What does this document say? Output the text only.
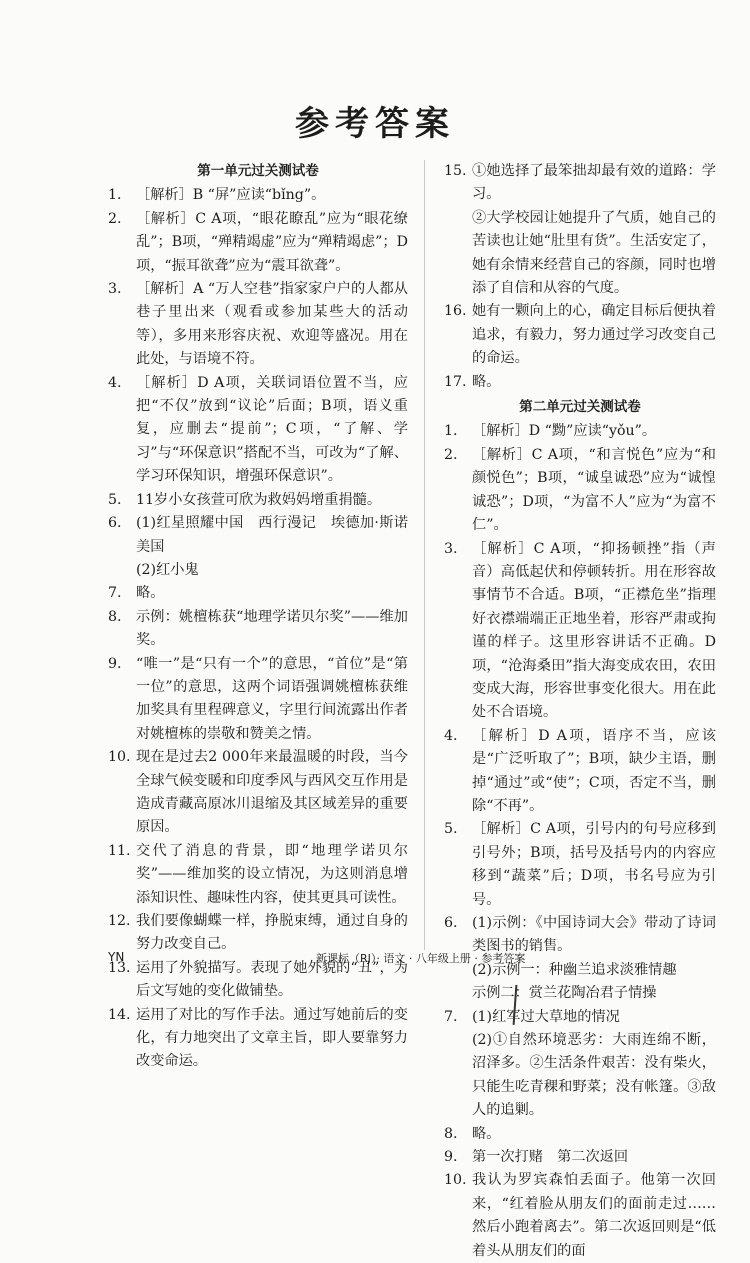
参考答案
第一单元过关测试卷
1. ［解析］B “屏”应读“bǐng”。
2. ［解析］C A项，“眼花瞭乱”应为“眼花缭乱”；B项，“殚精竭虚”应为“殚精竭虑”；D项，“振耳欲聋”应为“震耳欲聋”。
3. ［解析］A “万人空巷”指家家户户的人都从巷子里出来（观看或参加某些大的活动等），多用来形容庆祝、欢迎等盛况。用在此处，与语境不符。
4. ［解析］D A项，关联词语位置不当，应把“不仅”放到“议论”后面；B项，语义重复，应删去“提前”；C项，“了解、学习”与“环保意识”搭配不当，可改为“了解、学习环保知识，增强环保意识”。
5. 11岁小女孩萱可欣为救妈妈增重捐髓。
6. (1)红星照耀中国　西行漫记　埃德加·斯诺　美国
(2)红小鬼
7. 略。
8. 示例：姚檀栋获“地理学诺贝尔奖”——维加奖。
9. “唯一”是“只有一个”的意思，“首位”是“第一位”的意思，这两个词语强调姚檀栋获维加奖具有里程碑意义，字里行间流露出作者对姚檀栋的崇敬和赞美之情。
10. 现在是过去2 000年来最温暖的时段，当今全球气候变暖和印度季风与西风交互作用是造成青藏高原冰川退缩及其区域差异的重要原因。
11. 交代了消息的背景，即“地理学诺贝尔奖”——维加奖的设立情况，为这则消息增添知识性、趣味性内容，使其更具可读性。
12. 我们要像蝴蝶一样，挣脱束缚，通过自身的努力改变自己。
13. 运用了外貌描写。表现了她外貌的“丑”，为后文写她的变化做铺垫。
14. 运用了对比的写作手法。通过写她前后的变化，有力地突出了文章主旨，即人要靠努力改变命运。
15. ①她选择了最笨拙却最有效的道路：学习。
②大学校园让她提升了气质，她自己的苦读也让她“肚里有货”。生活安定了，她有余情来经营自己的容颜，同时也增添了自信和从容的气度。
16. 她有一颗向上的心，确定目标后便执着追求，有毅力，努力通过学习改变自己的命运。
17. 略。
第二单元过关测试卷
1. ［解析］D “黝”应读“yǒu”。
2. ［解析］C A项，“和言悦色”应为“和颜悦色”；B项，“诚皇诚恐”应为“诚惶诚恐”；D项，“为富不人”应为“为富不仁”。
3. ［解析］C A项，“抑扬顿挫”指（声音）高低起伏和停顿转折。用在形容故事情节不合适。B项，“正襟危坐”指理好衣襟端端正正地坐着，形容严肃或拘谨的样子。这里形容讲话不正确。D项，“沧海桑田”指大海变成农田，农田变成大海，形容世事变化很大。用在此处不合语境。
4. ［解析］D A项，语序不当，应该是“广泛听取了”；B项，缺少主语，删掉“通过”或“使”；C项，否定不当，删除“不再”。
5. ［解析］C A项，引号内的句号应移到引号外；B项，括号及括号内的内容应移到“蔬菜”后；D项，书名号应为引号。
6. (1)示例：《中国诗词大会》带动了诗词类图书的销售。
(2)示例一：种幽兰追求淡雅情趣
示例二：赏兰花陶冶君子情操
7. (1)红军过大草地的情况
(2)①自然环境恶劣：大雨连绵不断，沼泽多。②生活条件艰苦：没有柴火，只能生吃青稞和野菜；没有帐篷。③敌人的追剿。
8. 略。
9. 第一次打赌　第二次返回
10. 我认为罗宾森怕丢面子。他第一次回来，“红着脸从朋友们的面前走过……然后小跑着离去”。第二次返回则是“低着头从朋友们的面
YN	新课标（RJ）· 语文 · 八年级上册 · 参考答案
